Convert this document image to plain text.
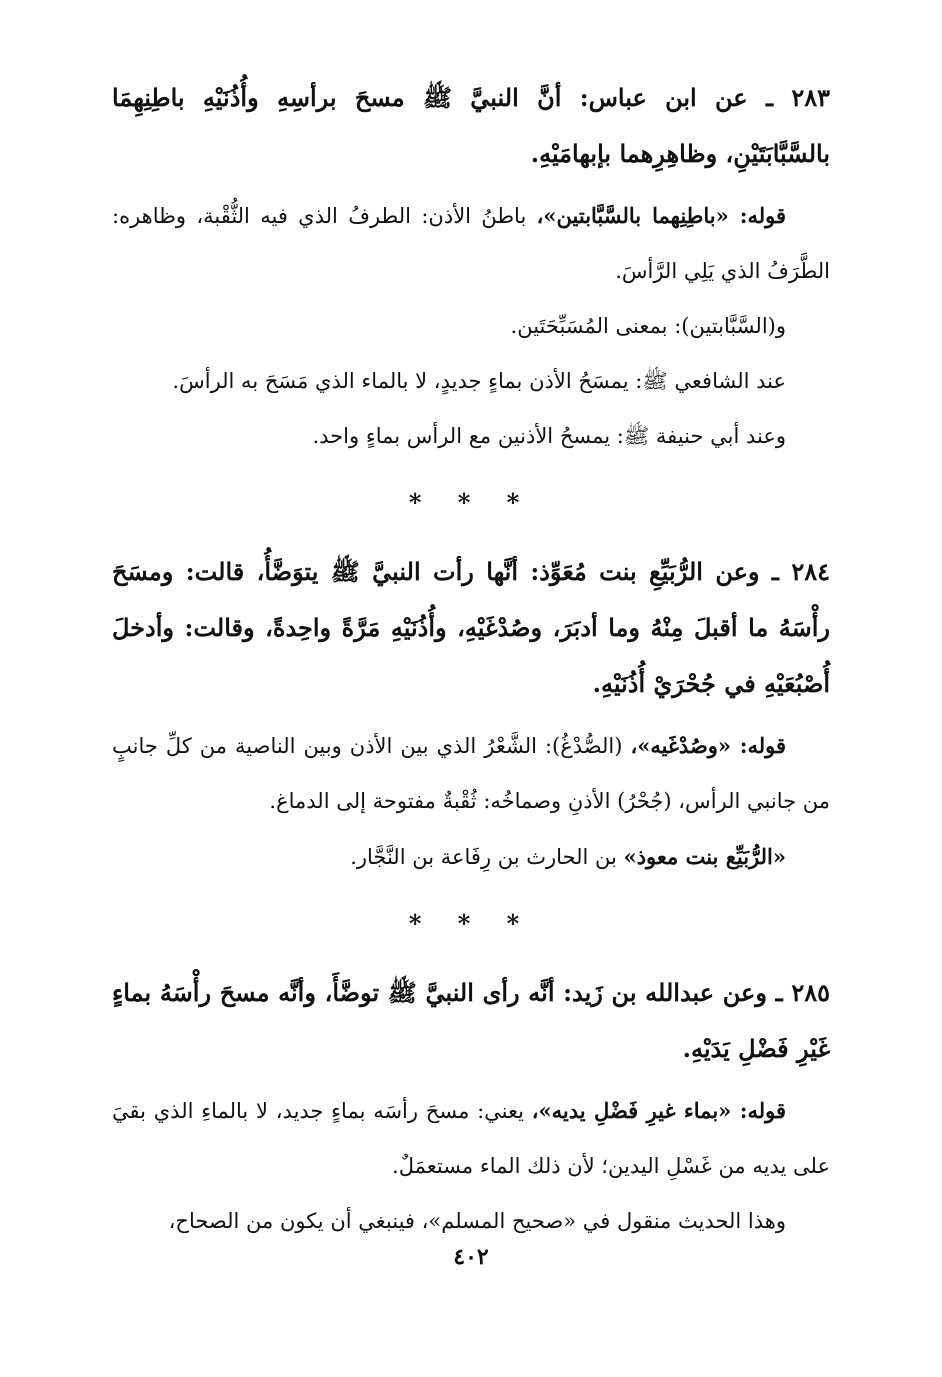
٢٨٣ ـ عن ابن عباس: أنَّ النبيَّ ﷺ مسحَ برأسِهِ وأُذُنَيْهِ باطِنِهِمَا بالسَّبَّابَتَيْنِ، وظاهِرِهما بإبهامَيْهِ.

قوله: «باطِنِهما بالسَّبَّابتين»، باطنُ الأذن: الطرفُ الذي فيه الثُّقْبة، وظاهره: الطَّرَفُ الذي يَلِي الرَّأسَ.

و(السَّبَّابتين): بمعنى المُسَبِّحَتَين.

عند الشافعي ﷺ: يمسَحُ الأذن بماءٍ جديدٍ، لا بالماء الذي مَسَحَ به الرأسَ.

وعند أبي حنيفة ﷺ: يمسحُ الأذنين مع الرأس بماءٍ واحد.

* * *

٢٨٤ ـ وعن الرُّبَيِّعِ بنت مُعَوِّذ: أنَّها رأت النبيَّ ﷺ يتوَضَّأُ، قالت: ومسَحَ رأْسَهُ ما أقبلَ مِنْهُ وما أدبَرَ، وصُدْغَيْهِ، وأُذُنَيْهِ مَرَّةً واحِدةً، وقالت: وأدخلَ أُصْبُعَيْهِ في جُحْرَيْ أُذُنَيْهِ.

قوله: «وصُدْغَيه»، (الصُّدْغُ): الشَّعْرُ الذي بين الأذن وبين الناصية من كلِّ جانبٍ من جانبي الرأس، (جُحْرُ) الأذنِ وصماخُه: ثُقْبةٌ مفتوحة إلى الدماغ.

«الرُّبَيِّع بنت معوذ» بن الحارث بن رِفَاعة بن النَّجَّار.

* * *

٢٨٥ ـ وعن عبدالله بن زَيد: أنَّه رأى النبيَّ ﷺ توضَّأَ، وأنَّه مسحَ رأْسَهُ بماءٍ غَيْرِ فَضْلِ يَدَيْهِ.

قوله: «بماء غيرِ فَضْلِ يديه»، يعني: مسحَ رأسَه بماءٍ جديد، لا بالماءِ الذي بقيَ على يديه من غَسْلِ اليدين؛ لأن ذلك الماء مستعمَلٌ.

وهذا الحديث منقول في «صحيح المسلم»، فينبغي أن يكون من الصحاح،

٤٠٢
